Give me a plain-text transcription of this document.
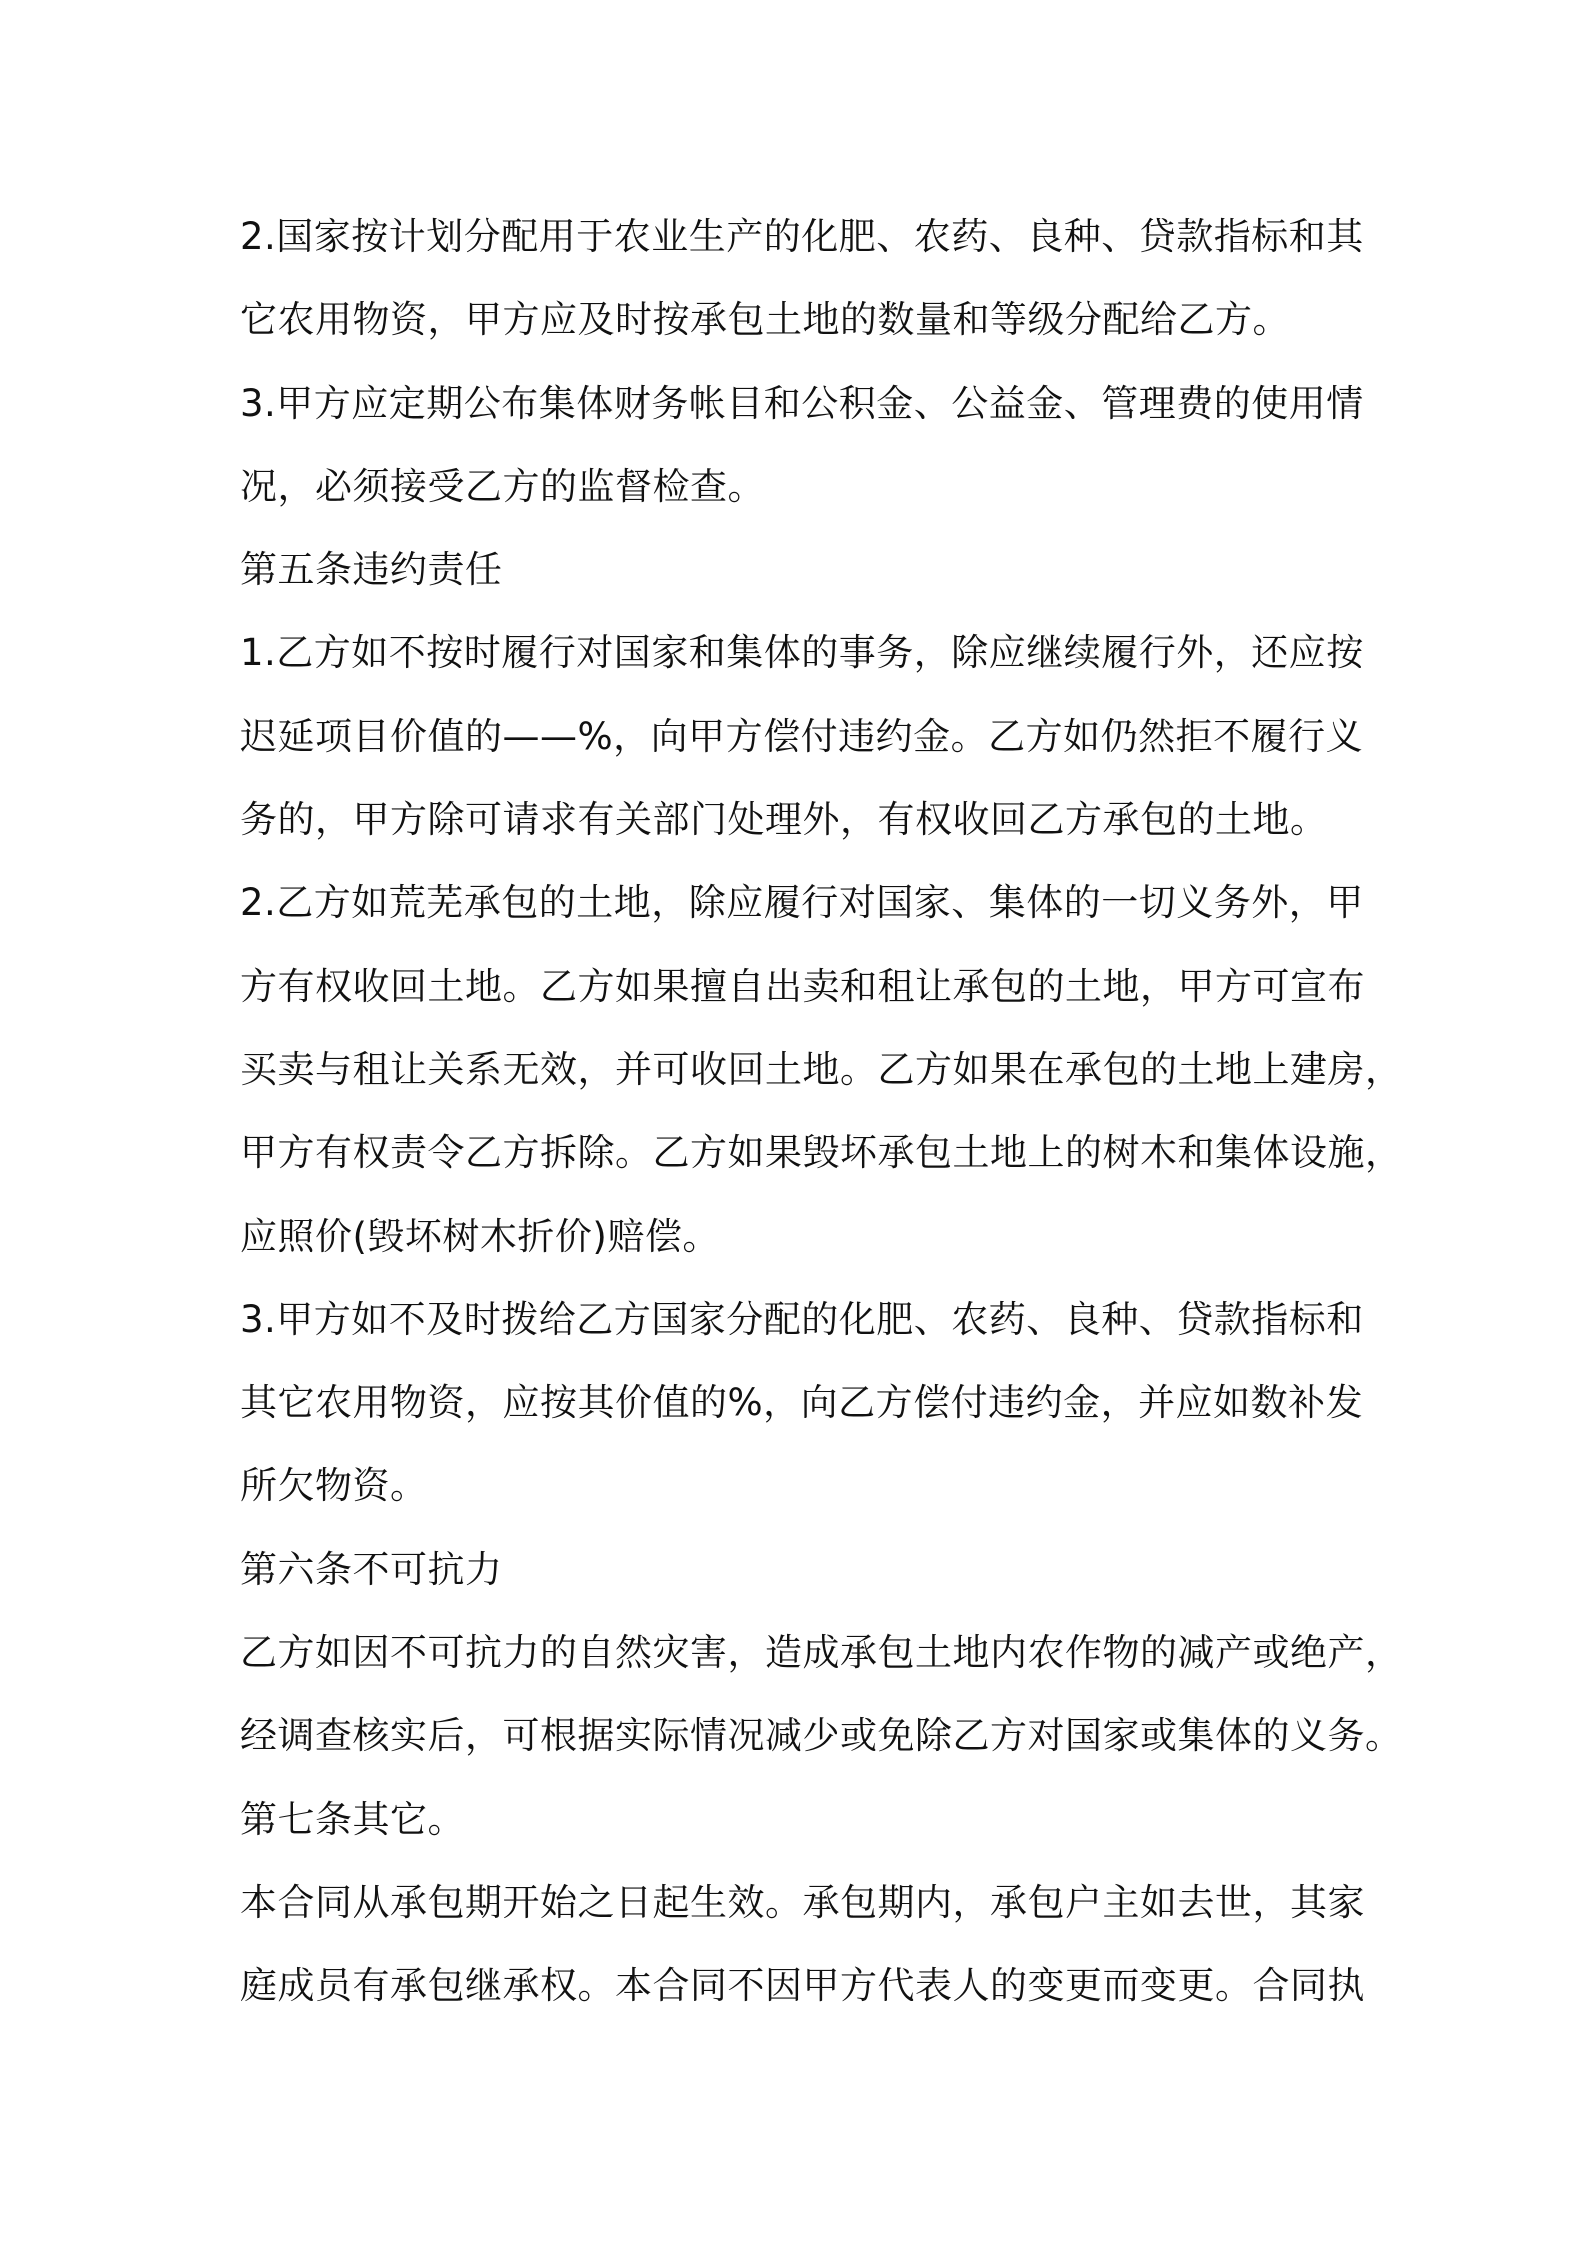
2.国家按计划分配用于农业生产的化肥、农药、良种、贷款指标和其
它农用物资，甲方应及时按承包土地的数量和等级分配给乙方。
3.甲方应定期公布集体财务帐目和公积金、公益金、管理费的使用情
况，必须接受乙方的监督检查。
第五条违约责任
1.乙方如不按时履行对国家和集体的事务，除应继续履行外，还应按
迟延项目价值的——%，向甲方偿付违约金。乙方如仍然拒不履行义
务的，甲方除可请求有关部门处理外，有权收回乙方承包的土地。
2.乙方如荒芜承包的土地，除应履行对国家、集体的一切义务外，甲
方有权收回土地。乙方如果擅自出卖和租让承包的土地，甲方可宣布
买卖与租让关系无效，并可收回土地。乙方如果在承包的土地上建房，
甲方有权责令乙方拆除。乙方如果毁坏承包土地上的树木和集体设施，
应照价(毁坏树木折价)赔偿。
3.甲方如不及时拨给乙方国家分配的化肥、农药、良种、贷款指标和
其它农用物资，应按其价值的%，向乙方偿付违约金，并应如数补发
所欠物资。
第六条不可抗力
乙方如因不可抗力的自然灾害，造成承包土地内农作物的减产或绝产，
经调查核实后，可根据实际情况减少或免除乙方对国家或集体的义务。
第七条其它。
本合同从承包期开始之日起生效。承包期内，承包户主如去世，其家
庭成员有承包继承权。本合同不因甲方代表人的变更而变更。合同执
